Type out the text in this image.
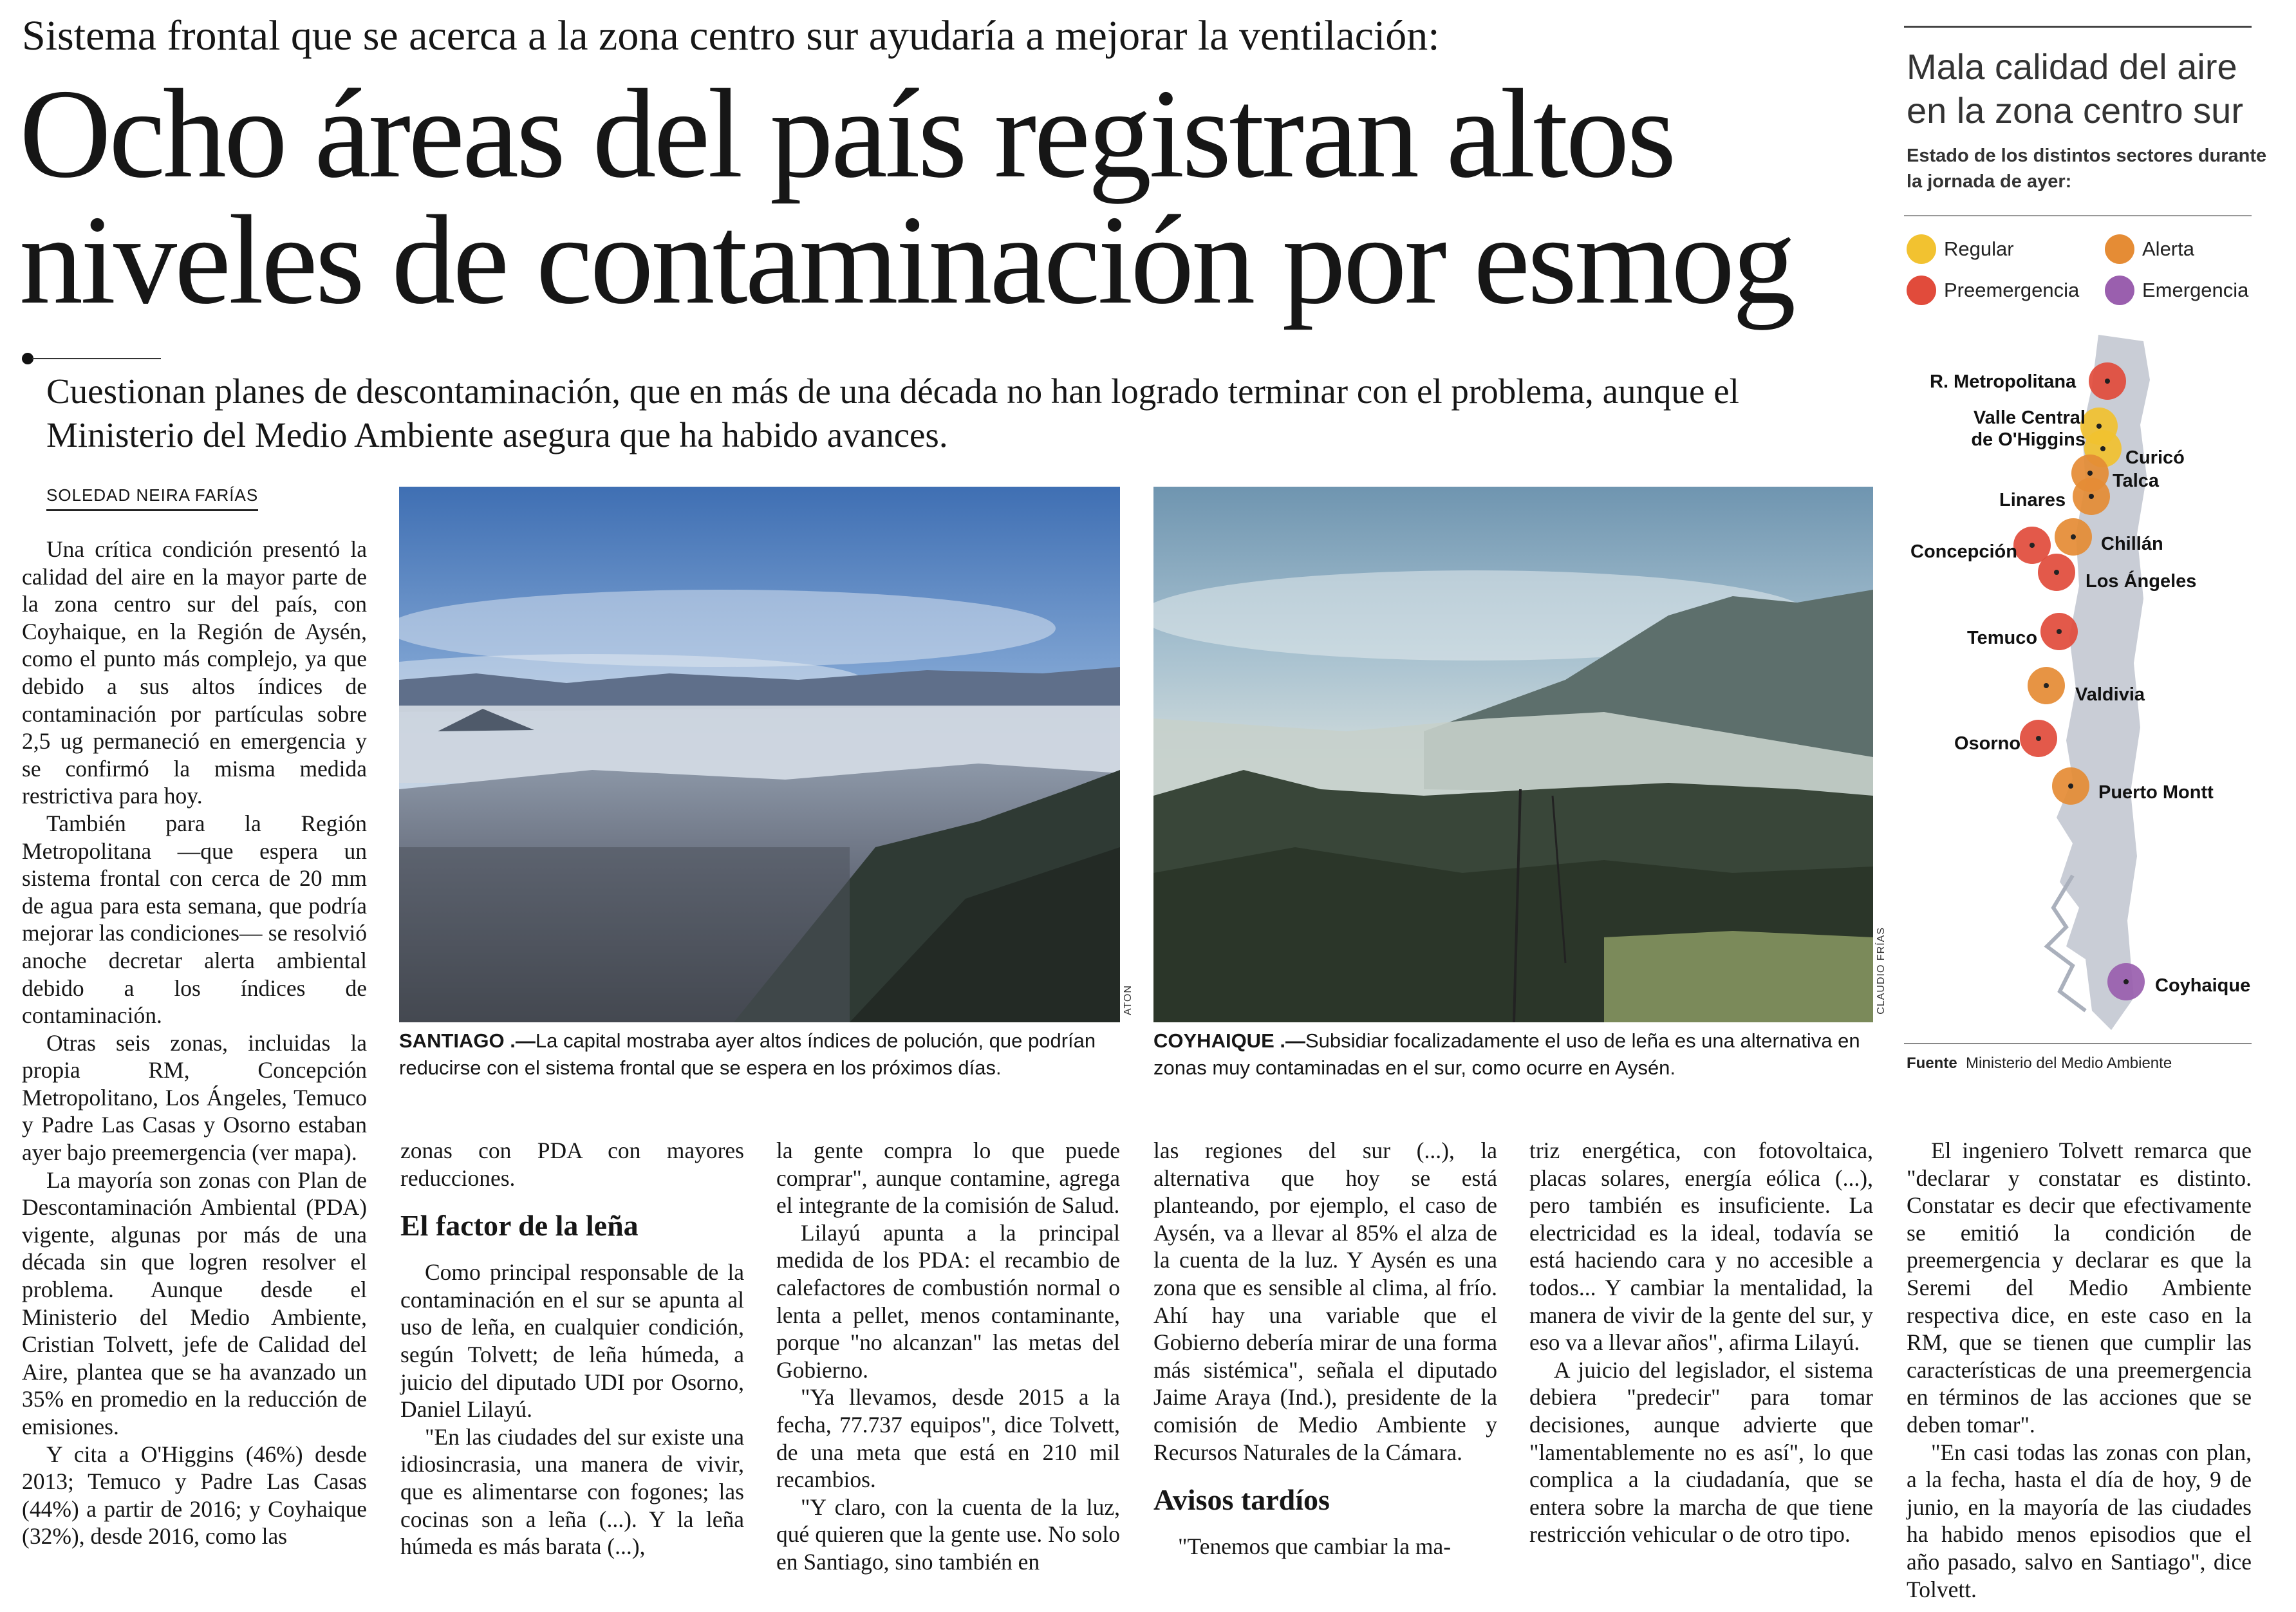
Sistema frontal que se acerca a la zona centro sur ayudaría a mejorar la ventilación:
Ocho áreas del país registran altos
niveles de contaminación por esmog
Cuestionan planes de descontaminación, que en más de una década no han logrado terminar con el problema, aunque el Ministerio del Medio Ambiente asegura que ha habido avances.
SOLEDAD NEIRA FARÍAS

Una crítica condición presentó la calidad del aire en la mayor parte de la zona centro sur del país, con Coyhaique, en la Región de Aysén, como el punto más complejo, ya que debido a sus altos índices de contaminación por partículas sobre 2,5 ug permaneció en emergencia y se confirmó la misma medida restrictiva para hoy.

También para la Región Metropolitana —que espera un sistema frontal con cerca de 20 mm de agua para esta semana, que podría mejorar las condiciones— se resolvió anoche decretar alerta ambiental debido a los índices de contaminación.

Otras seis zonas, incluidas la propia RM, Concepción Metropolitano, Los Ángeles, Temuco y Padre Las Casas y Osorno estaban ayer bajo preemergencia (ver mapa).

La mayoría son zonas con Plan de Descontaminación Ambiental (PDA) vigente, algunas por más de una década sin que logren resolver el problema. Aunque desde el Ministerio del Medio Ambiente, Cristian Tolvett, jefe de Calidad del Aire, plantea que se ha avanzado un 35% en promedio en la reducción de emisiones.

Y cita a O'Higgins (46%) desde 2013; Temuco y Padre Las Casas (44%) a partir de 2016; y Coyhaique (32%), desde 2016, como las

ATON
SANTIAGO .—La capital mostraba ayer altos índices de polución, que podrían reducirse con el sistema frontal que se espera en los próximos días.
CLAUDIO FRÍAS
COYHAIQUE .—Subsidiar focalizadamente el uso de leña es una alternativa en zonas muy contaminadas en el sur, como ocurre en Aysén.

zonas con PDA con mayores reducciones.

El factor de la leña

Como principal responsable de la contaminación en el sur se apunta al uso de leña, en cualquier condición, según Tolvett; de leña húmeda, a juicio del diputado UDI por Osorno, Daniel Lilayú.

"En las ciudades del sur existe una idiosincrasia, una manera de vivir, que es alimentarse con fogones; las cocinas son a leña (...). Y la leña húmeda es más barata (...),

la gente compra lo que puede comprar", aunque contamine, agrega el integrante de la comisión de Salud.

Lilayú apunta a la principal medida de los PDA: el recambio de calefactores de combustión normal o lenta a pellet, menos contaminante, porque "no alcanzan" las metas del Gobierno.

"Ya llevamos, desde 2015 a la fecha, 77.737 equipos", dice Tolvett, de una meta que está en 210 mil recambios.

"Y claro, con la cuenta de la luz, qué quieren que la gente use. No solo en Santiago, sino también en

las regiones del sur (...), la alternativa que hoy se está planteando, por ejemplo, el caso de Aysén, va a llevar al 85% el alza de la cuenta de la luz. Y Aysén es una zona que es sensible al clima, al frío. Ahí hay una variable que el Gobierno debería mirar de una forma más sistémica", señala el diputado Jaime Araya (Ind.), presidente de la comisión de Medio Ambiente y Recursos Naturales de la Cámara.

Avisos tardíos

"Tenemos que cambiar la ma-

triz energética, con fotovoltaica, placas solares, energía eólica (...), pero también es insuficiente. La electricidad es la ideal, todavía se está haciendo cara y no accesible a todos... Y cambiar la mentalidad, la manera de vivir de la gente del sur, y eso va a llevar años", afirma Lilayú.

A juicio del legislador, el sistema debiera "predecir" para tomar decisiones, aunque advierte que "lamentablemente no es así", lo que complica a la ciudadanía, que se entera sobre la marcha de que tiene restricción vehicular o de otro tipo.

El ingeniero Tolvett remarca que "declarar y constatar es distinto. Constatar es decir que efectivamente se emitió la condición de preemergencia y declarar es que la Seremi del Medio Ambiente respectiva dice, en este caso en la RM, que se tienen que cumplir las características de una preemergencia en términos de las acciones que se deben tomar".

"En casi todas las zonas con plan, a la fecha, hasta el día de hoy, 9 de junio, en la mayoría de las ciudades ha habido menos episodios que el año pasado, salvo en Santiago", dice Tolvett.

Mala calidad del aire en la zona centro sur
Estado de los distintos sectores durante la jornada de ayer:
Regular	Alerta
Preemergencia	Emergencia
R. Metropolitana
Valle Central de O'Higgins
Curicó
Talca
Linares
Chillán
Concepción
Los Ángeles
Temuco
Valdivia
Osorno
Puerto Montt
Coyhaique
Fuente Ministerio del Medio Ambiente
